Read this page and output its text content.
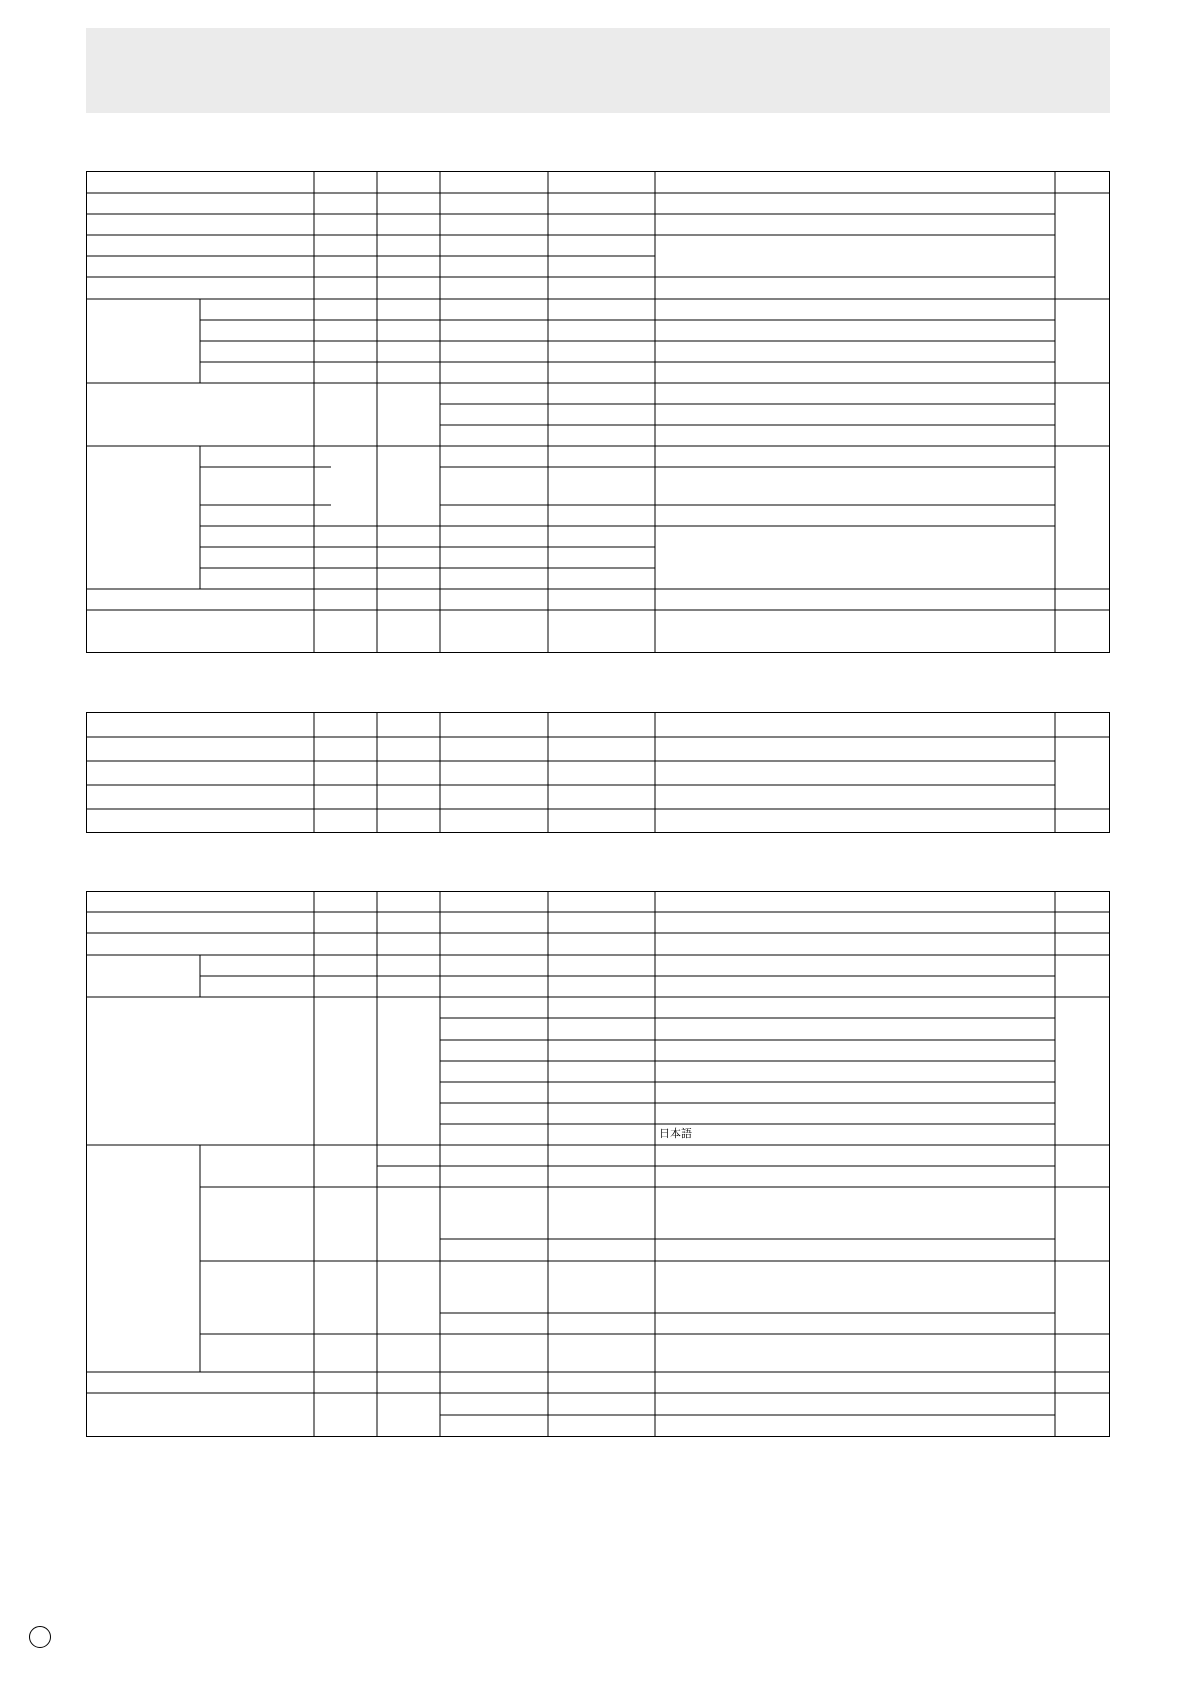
日本語
